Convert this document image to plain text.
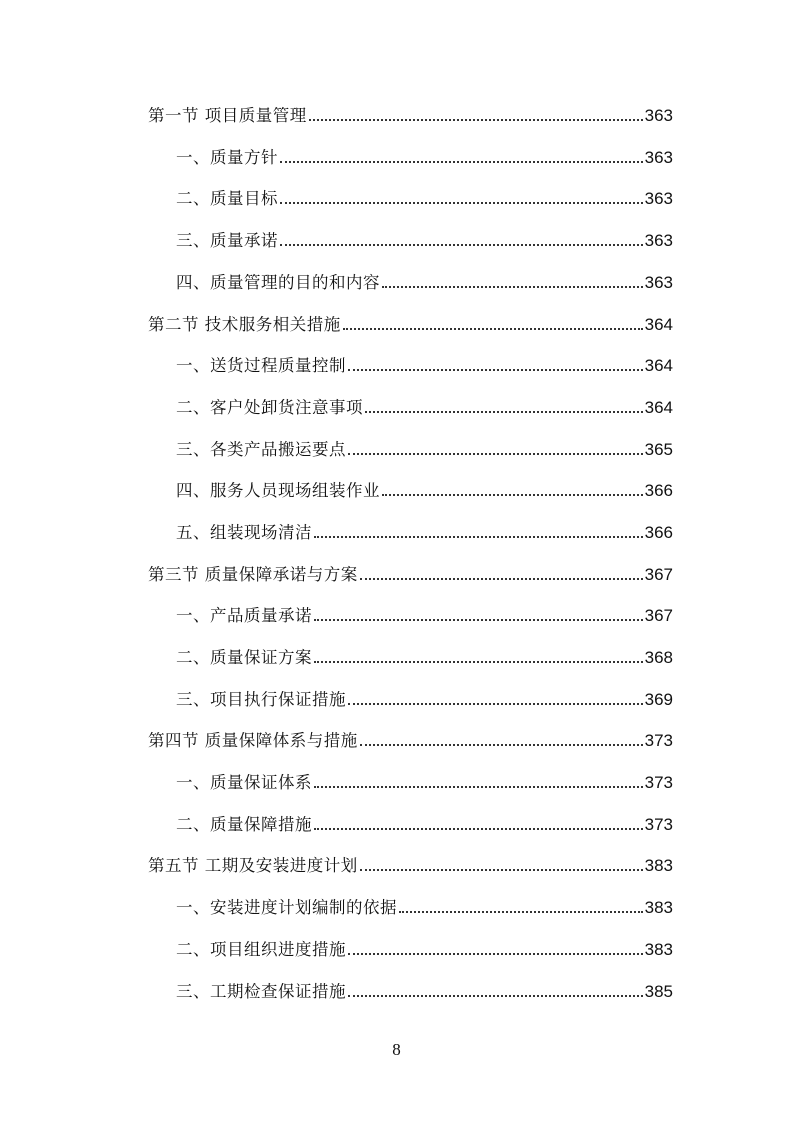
第一节 项目质量管理	363
一、质量方针	363
二、质量目标	363
三、质量承诺	363
四、质量管理的目的和内容	363
第二节 技术服务相关措施	364
一、送货过程质量控制	364
二、客户处卸货注意事项	364
三、各类产品搬运要点	365
四、服务人员现场组装作业	366
五、组装现场清洁	366
第三节 质量保障承诺与方案	367
一、产品质量承诺	367
二、质量保证方案	368
三、项目执行保证措施	369
第四节 质量保障体系与措施	373
一、质量保证体系	373
二、质量保障措施	373
第五节 工期及安装进度计划	383
一、安装进度计划编制的依据	383
二、项目组织进度措施	383
三、工期检查保证措施	385
8
